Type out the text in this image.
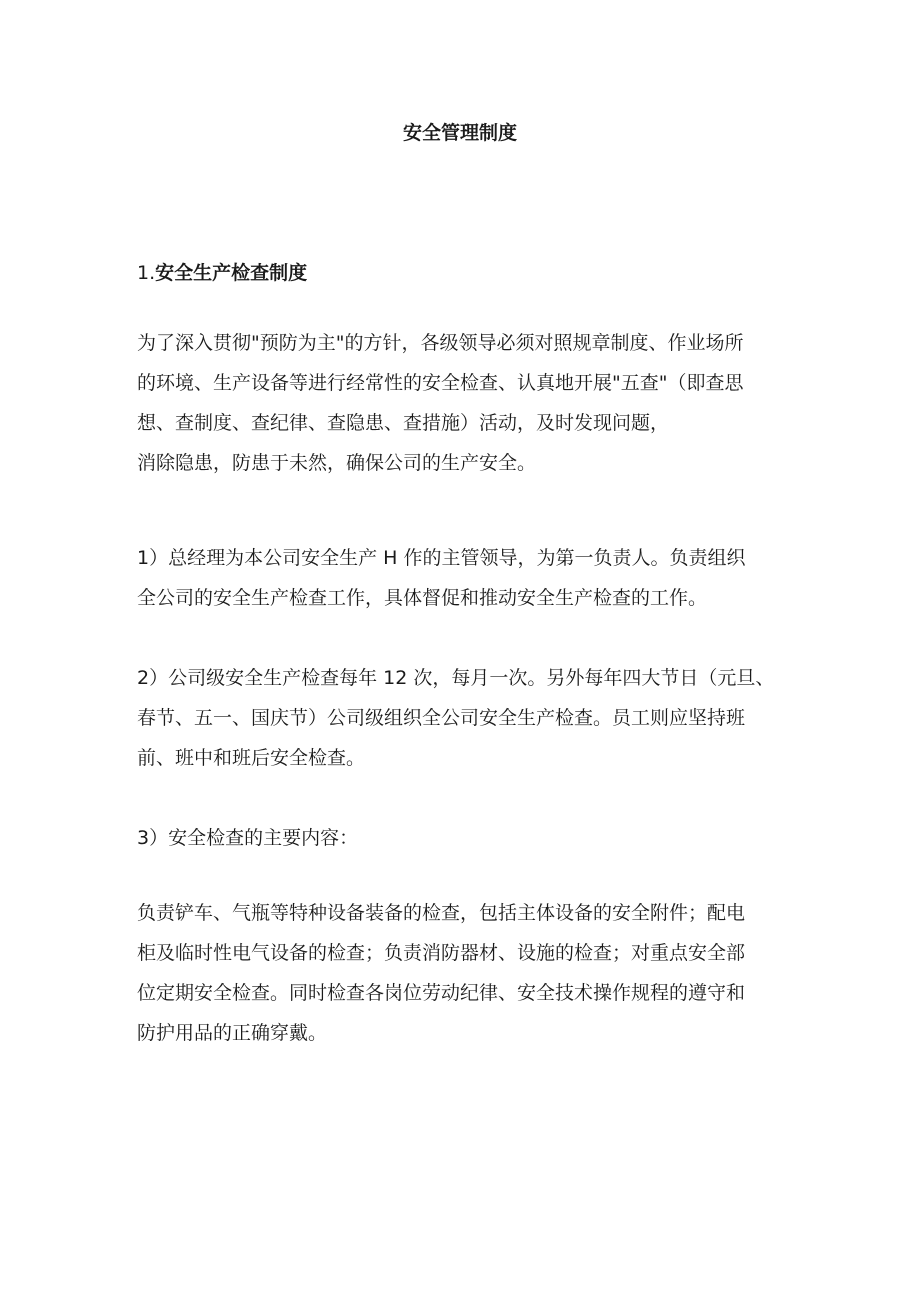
安全管理制度
1.安全生产检查制度

为了深入贯彻"预防为主"的方针，各级领导必须对照规章制度、作业场所
的环境、生产设备等进行经常性的安全检查、认真地开展"五查"（即查思
想、查制度、查纪律、查隐患、查措施）活动，及时发现问题，
消除隐患，防患于未然，确保公司的生产安全。

1）总经理为本公司安全生产 H 作的主管领导，为第一负责人。负责组织
全公司的安全生产检查工作，具体督促和推动安全生产检查的工作。

2）公司级安全生产检查每年 12 次，每月一次。另外每年四大节日（元旦、
春节、五一、国庆节）公司级组织全公司安全生产检查。员工则应坚持班
前、班中和班后安全检查。

3）安全检查的主要内容：

负责铲车、气瓶等特种设备装备的检查，包括主体设备的安全附件；配电
柜及临时性电气设备的检查；负责消防器材、设施的检查；对重点安全部
位定期安全检查。同时检查各岗位劳动纪律、安全技术操作规程的遵守和
防护用品的正确穿戴。
